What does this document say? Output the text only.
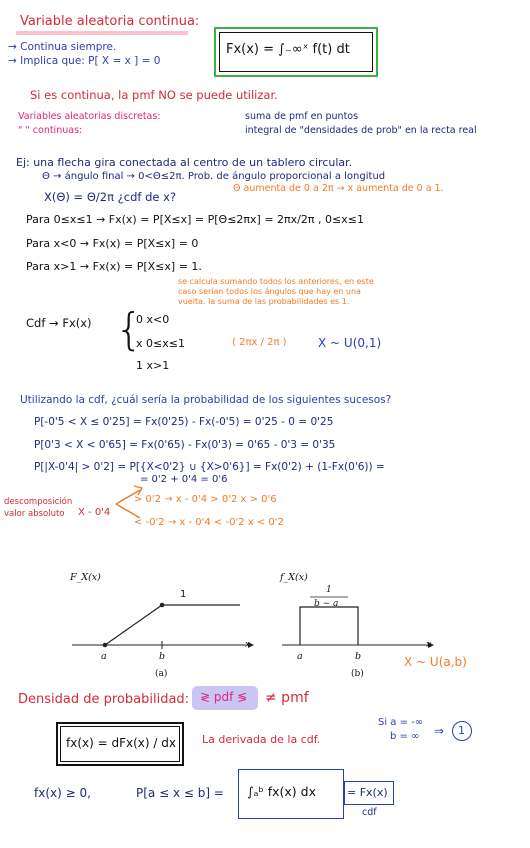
Variable aleatoria continua:
→ Continua siempre.
→ Implica que: P[ X = x ] = 0
Fx(x) = ∫₋∞ˣ f(t) dt
Si es continua, la pmf NO se puede utilizar.
Variables aleatorias discretas:	suma de pmf en puntos
" " continuas:	integral de "densidades de prob" en la recta real
Ej: una flecha gira conectada al centro de un tablero circular.
Θ → ángulo final → 0<Θ≤2π. Prob. de ángulo proporcional a longitud
Θ aumenta de 0 a 2π → x aumenta de 0 a 1.
X(Θ) = Θ/2π ¿cdf de x?
Para 0≤x≤1 → Fx(x) = P[X≤x] = P[Θ≤2πx] = 2πx/2π , 0≤x≤1
Para x<0 → Fx(x) = P[X≤x] = 0
Para x>1 → Fx(x) = P[X≤x] = 1.
se calcula sumando todos los anteriores, en este
caso serían todos los ángulos que hay en una
vuelta. la suma de las probabilidades es 1.
Cdf → Fx(x) {
0 x<0
x 0≤x≤1
1 x>1
( 2πx / 2π )	X ~ U(0,1)
Utilizando la cdf, ¿cuál sería la probabilidad de los siguientes sucesos?
P[-0'5 < X ≤ 0'25] = Fx(0'25) - Fx(-0'5) = 0'25 - 0 = 0'25
P[0'3 < X < 0'65] = Fx(0'65) - Fx(0'3) = 0'65 - 0'3 = 0'35
P[|X-0'4| > 0'2] = P[{X<0'2} ∪ {X>0'6}] = Fx(0'2) + (1-Fx(0'6)) =
= 0'2 + 0'4 = 0'6
descomposición
valor absoluto X - 0'4
> 0'2 → x - 0'4 > 0'2 x > 0'6
< -0'2 → x - 0'4 < -0'2 x < 0'2
F_X(x)	f_X(x)
1
x	x
a	b	a	b
1
b − a
(a)	(b)
X ~ U(a,b)
Densidad de probabilidad: ≷ pdf ≶ ≠ pmf
fx(x) = dFx(x) / dx La derivada de la cdf.
Si a = -∞
b = ∞ ⇒ 1
fx(x) ≥ 0,	P[a ≤ x ≤ b] = ∫ₐᵇ fx(x) dx	= Fx(x)
cdf
